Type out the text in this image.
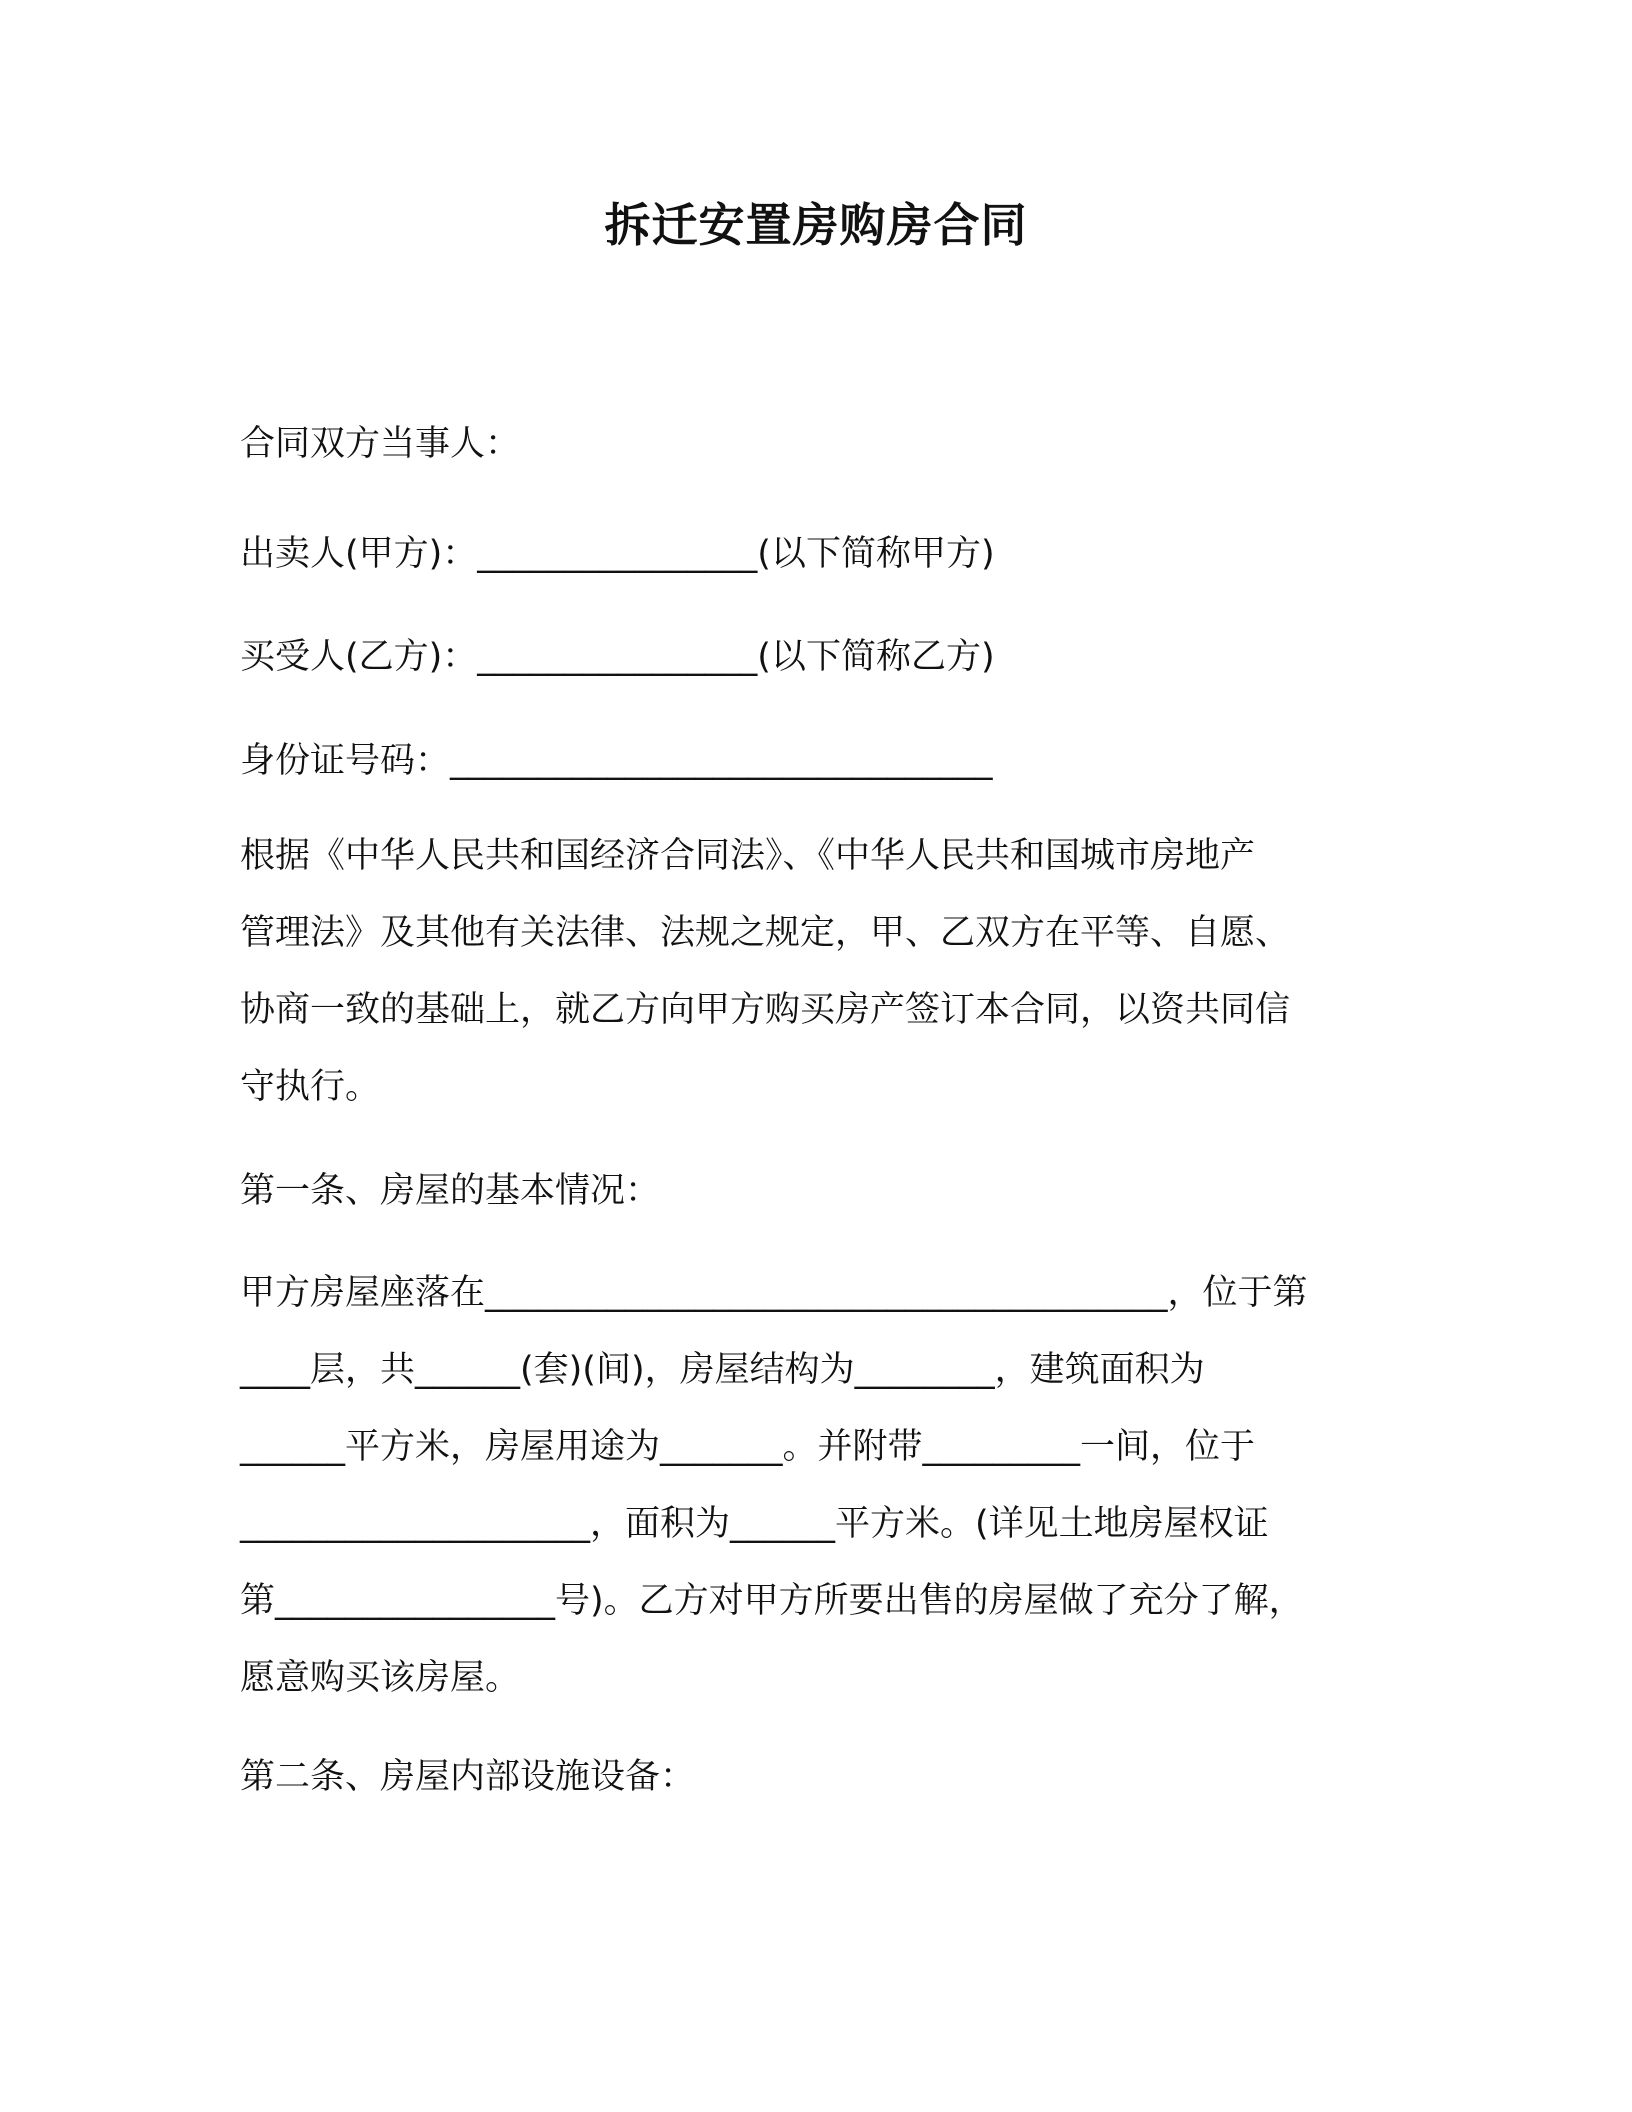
拆迁安置房购房合同
合同双方当事人：
出卖人(甲方)：________________(以下简称甲方)
买受人(乙方)：________________(以下简称乙方)
身份证号码：_______________________________
根据《中华人民共和国经济合同法》、《中华人民共和国城市房地产
管理法》及其他有关法律、法规之规定，甲、乙双方在平等、自愿、
协商一致的基础上，就乙方向甲方购买房产签订本合同，以资共同信
守执行。
第一条、房屋的基本情况：
甲方房屋座落在_______________________________________，位于第
____层，共______(套)(间)，房屋结构为________，建筑面积为
______平方米，房屋用途为_______。并附带_________一间，位于
____________________，面积为______平方米。(详见土地房屋权证
第________________号)。乙方对甲方所要出售的房屋做了充分了解，
愿意购买该房屋。
第二条、房屋内部设施设备：
